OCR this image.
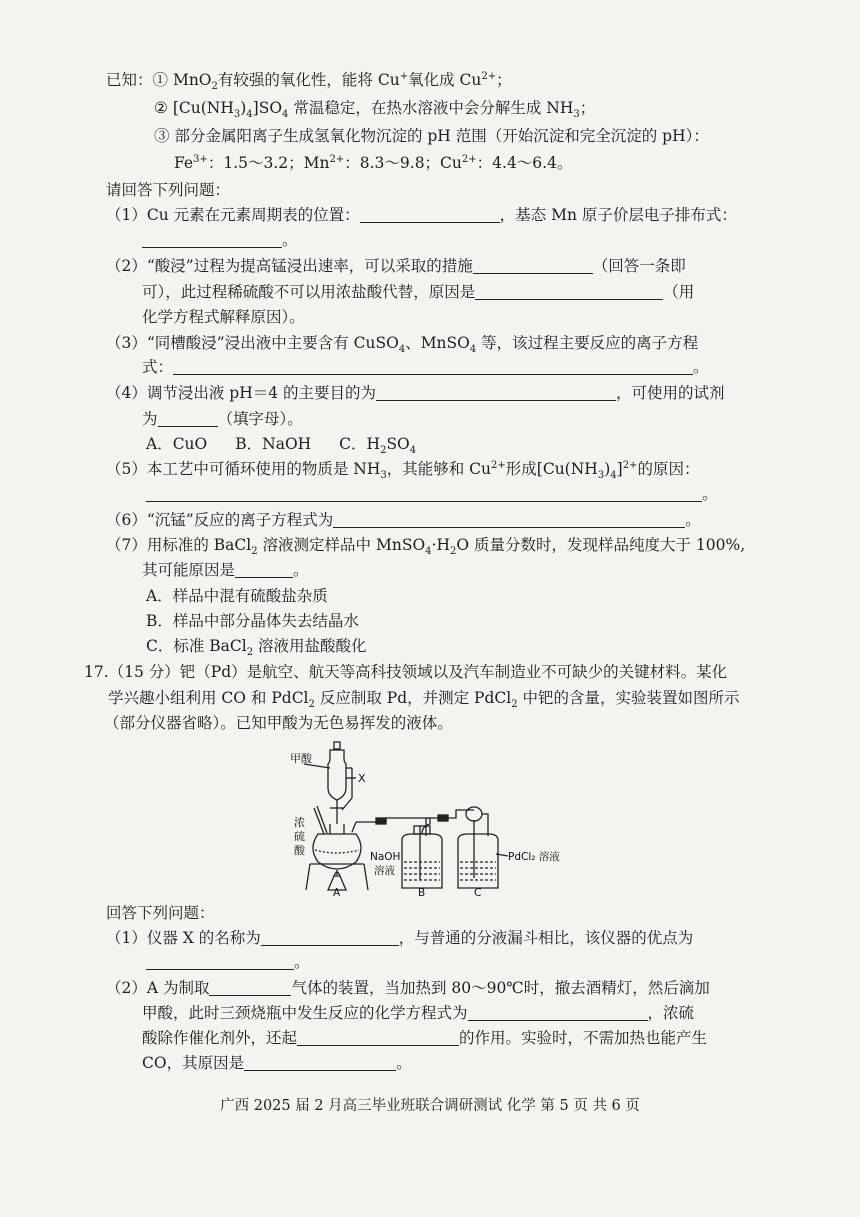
已知：① MnO$_2$有较强的氧化性，能将 Cu+氧化成 $Cu^{2+}$；
② $[Cu(NH_3)_4]SO_4$ 常温稳定，在热水溶液中会分解生成 $NH_3$；
③ 部分金属阳离子生成氢氧化物沉淀的 pH 范围（开始沉淀和完全沉淀的 pH）：
$Fe^{3+}$：1.5～3.2；$Mn^{2+}$：8.3～9.8；$Cu^{2+}$：4.4～6.4。
请回答下列问题：
（1）Cu 元素在元素周期表的位置：	，基态 Mn 原子价层电子排布式：
。
（2）“酸浸”过程为提高锰浸出速率，可以采取的措施	（回答一条即
可），此过程稀硫酸不可以用浓盐酸代替，原因是	（用
化学方程式解释原因）。
（3）“同槽酸浸”浸出液中主要含有 CuSO$_4$、MnSO$_4$ 等，该过程主要反应的离子方程
式：	。
（4）调节浸出液 pH＝4 的主要目的为	，可使用的试剂
为	（填字母）。
A．CuO B．NaOH C．$H_2SO_4$
（5）本工艺中可循环使用的物质是 $NH_3$，其能够和 $Cu^{2+}$形成$[Cu(NH_3)_4]^{2+}$的原因：
。
（6）“沉锰”反应的离子方程式为	。
（7）用标准的 BaCl$_2$ 溶液测定样品中 $MnSO_4\cdot H_2O$ 质量分数时，发现样品纯度大于 100%,
其可能原因是	。
A．样品中混有硫酸盐杂质
B．样品中部分晶体失去结晶水
C．标准 BaCl$_2$ 溶液用盐酸酸化
17.（15 分）钯（Pd）是航空、航天等高科技领域以及汽车制造业不可缺少的关键材料。某化
学兴趣小组利用 CO 和 PdCl$_2$ 反应制取 Pd，并测定 PdCl$_2$ 中钯的含量，实验装置如图所示
（部分仪器省略）。已知甲酸为无色易挥发的液体。
甲酸
X
浓
硫
酸	NaOH
溶液
PdCl₂ 溶液
A	B	C
回答下列问题：
（1）仪器 X 的名称为	，与普通的分液漏斗相比，该仪器的优点为
。
（2）A 为制取	气体的装置，当加热到 80～90℃时，撤去酒精灯，然后滴加
甲酸，此时三颈烧瓶中发生反应的化学方程式为	，浓硫
酸除作催化剂外，还起	的作用。实验时，不需加热也能产生
CO，其原因是	。
广西 2025 届 2 月高三毕业班联合调研测试 化学 第 5 页 共 6 页
